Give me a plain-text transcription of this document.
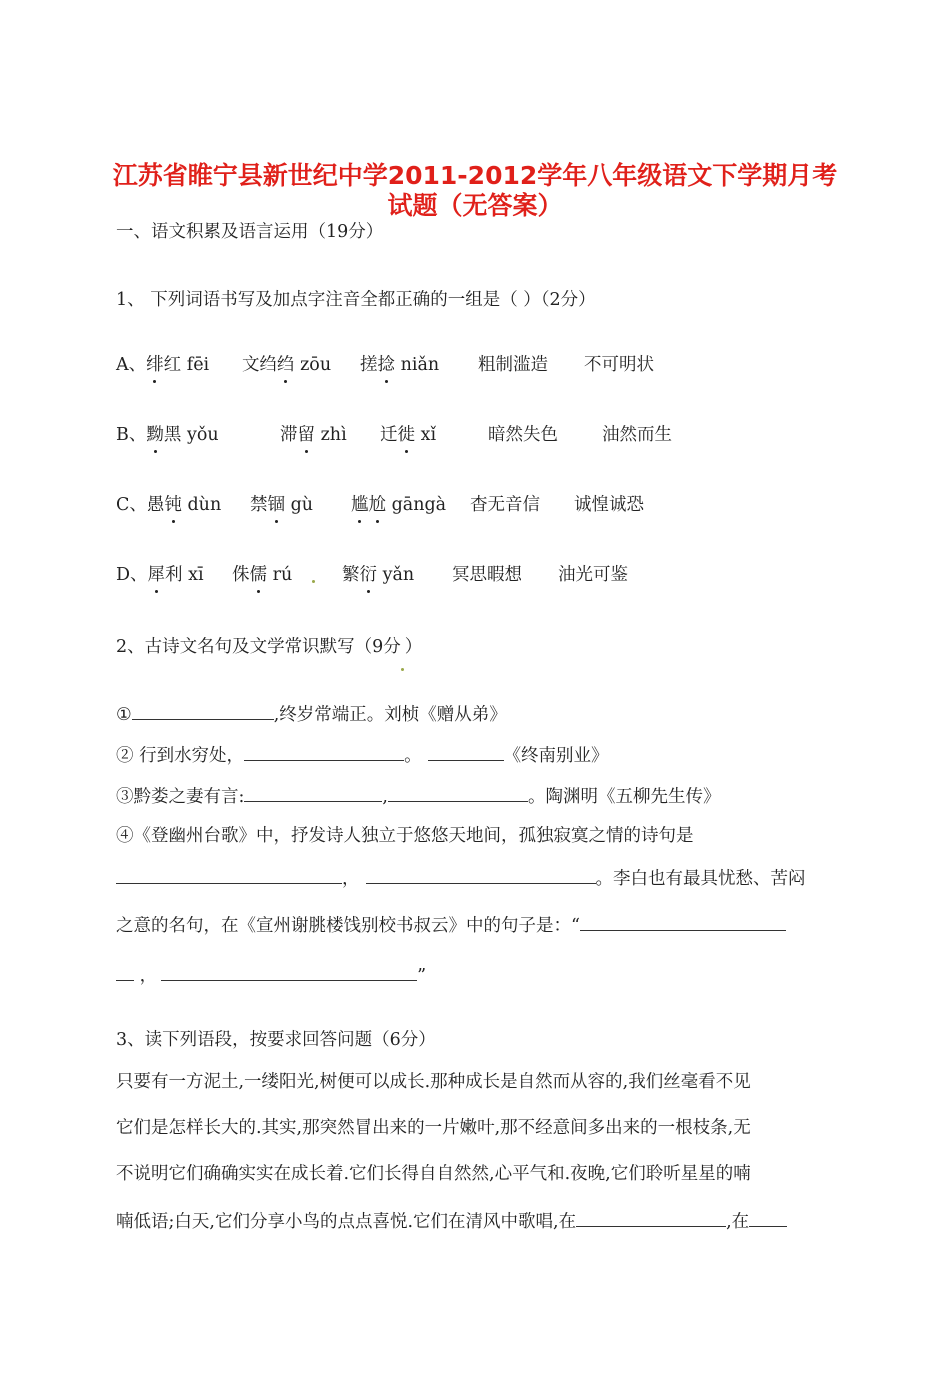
江苏省睢宁县新世纪中学2011-2012学年八年级语文下学期月考
试题（无答案）
一、语文积累及语言运用（19分）
1、 下列词语书写及加点字注音全都正确的一组是（ ）（2分）
A、绯红 fēi 文绉绉 zōu 搓捻 niǎn 粗制滥造 不可明状
B、黝黑 yǒu	滞留 zhì 迁徙 xǐ	暗然失色	油然而生
C、愚钝 dùn 禁锢 gù 尴尬 gāngà 杳无音信 诚惶诚恐
D、犀利 xī 侏儒 rú	繁衍 yǎn 冥思暇想 油光可鉴
2、古诗文名句及文学常识默写（9分 ）
①	,终岁常端正。刘桢《赠从弟》
② 行到水穷处，	。	《终南别业》
③黔娄之妻有言:	,	。陶渊明《五柳先生传》
④《登幽州台歌》中，抒发诗人独立于悠悠天地间，孤独寂寞之情的诗句是
，	。李白也有最具忧愁、苦闷
之意的名句，在《宣州谢朓楼饯别校书叔云》中的句子是：“
，	”
3、读下列语段，按要求回答问题（6分）
只要有一方泥土,一缕阳光,树便可以成长.那种成长是自然而从容的,我们丝毫看不见
它们是怎样长大的.其实,那突然冒出来的一片嫩叶,那不经意间多出来的一根枝条,无
不说明它们确确实实在成长着.它们长得自自然然,心平气和.夜晚,它们聆听星星的喃
喃低语;白天,它们分享小鸟的点点喜悦.它们在清风中歌唱,在	,在
